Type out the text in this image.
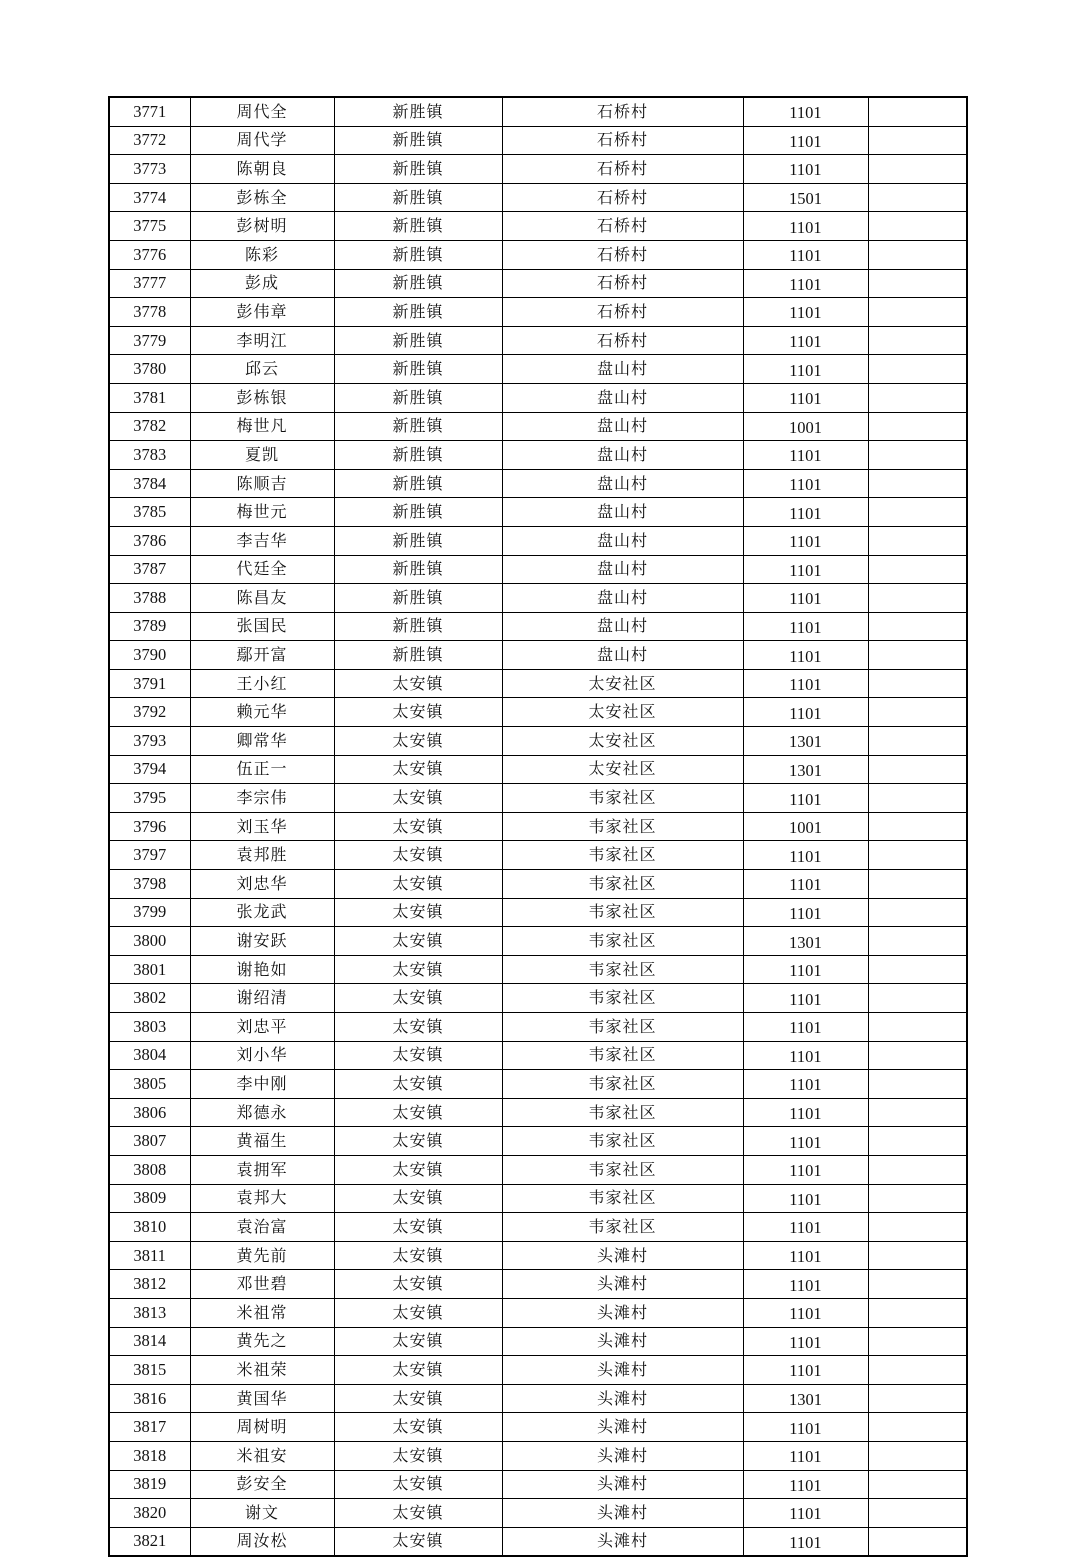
3771	周代全	新胜镇	石桥村	1101	
3772	周代学	新胜镇	石桥村	1101	
3773	陈朝良	新胜镇	石桥村	1101	
3774	彭栋全	新胜镇	石桥村	1501	
3775	彭树明	新胜镇	石桥村	1101	
3776	陈彩	新胜镇	石桥村	1101	
3777	彭成	新胜镇	石桥村	1101	
3778	彭伟章	新胜镇	石桥村	1101	
3779	李明江	新胜镇	石桥村	1101	
3780	邱云	新胜镇	盘山村	1101	
3781	彭栋银	新胜镇	盘山村	1101	
3782	梅世凡	新胜镇	盘山村	1001	
3783	夏凯	新胜镇	盘山村	1101	
3784	陈顺吉	新胜镇	盘山村	1101	
3785	梅世元	新胜镇	盘山村	1101	
3786	李吉华	新胜镇	盘山村	1101	
3787	代廷全	新胜镇	盘山村	1101	
3788	陈昌友	新胜镇	盘山村	1101	
3789	张国民	新胜镇	盘山村	1101	
3790	鄢开富	新胜镇	盘山村	1101	
3791	王小红	太安镇	太安社区	1101	
3792	赖元华	太安镇	太安社区	1101	
3793	卿常华	太安镇	太安社区	1301	
3794	伍正一	太安镇	太安社区	1301	
3795	李宗伟	太安镇	韦家社区	1101	
3796	刘玉华	太安镇	韦家社区	1001	
3797	袁邦胜	太安镇	韦家社区	1101	
3798	刘忠华	太安镇	韦家社区	1101	
3799	张龙武	太安镇	韦家社区	1101	
3800	谢安跃	太安镇	韦家社区	1301	
3801	谢艳如	太安镇	韦家社区	1101	
3802	谢绍清	太安镇	韦家社区	1101	
3803	刘忠平	太安镇	韦家社区	1101	
3804	刘小华	太安镇	韦家社区	1101	
3805	李中刚	太安镇	韦家社区	1101	
3806	郑德永	太安镇	韦家社区	1101	
3807	黄福生	太安镇	韦家社区	1101	
3808	袁拥军	太安镇	韦家社区	1101	
3809	袁邦大	太安镇	韦家社区	1101	
3810	袁治富	太安镇	韦家社区	1101	
3811	黄先前	太安镇	头滩村	1101	
3812	邓世碧	太安镇	头滩村	1101	
3813	米祖常	太安镇	头滩村	1101	
3814	黄先之	太安镇	头滩村	1101	
3815	米祖荣	太安镇	头滩村	1101	
3816	黄国华	太安镇	头滩村	1301	
3817	周树明	太安镇	头滩村	1101	
3818	米祖安	太安镇	头滩村	1101	
3819	彭安全	太安镇	头滩村	1101	
3820	谢文	太安镇	头滩村	1101	
3821	周汝松	太安镇	头滩村	1101	
